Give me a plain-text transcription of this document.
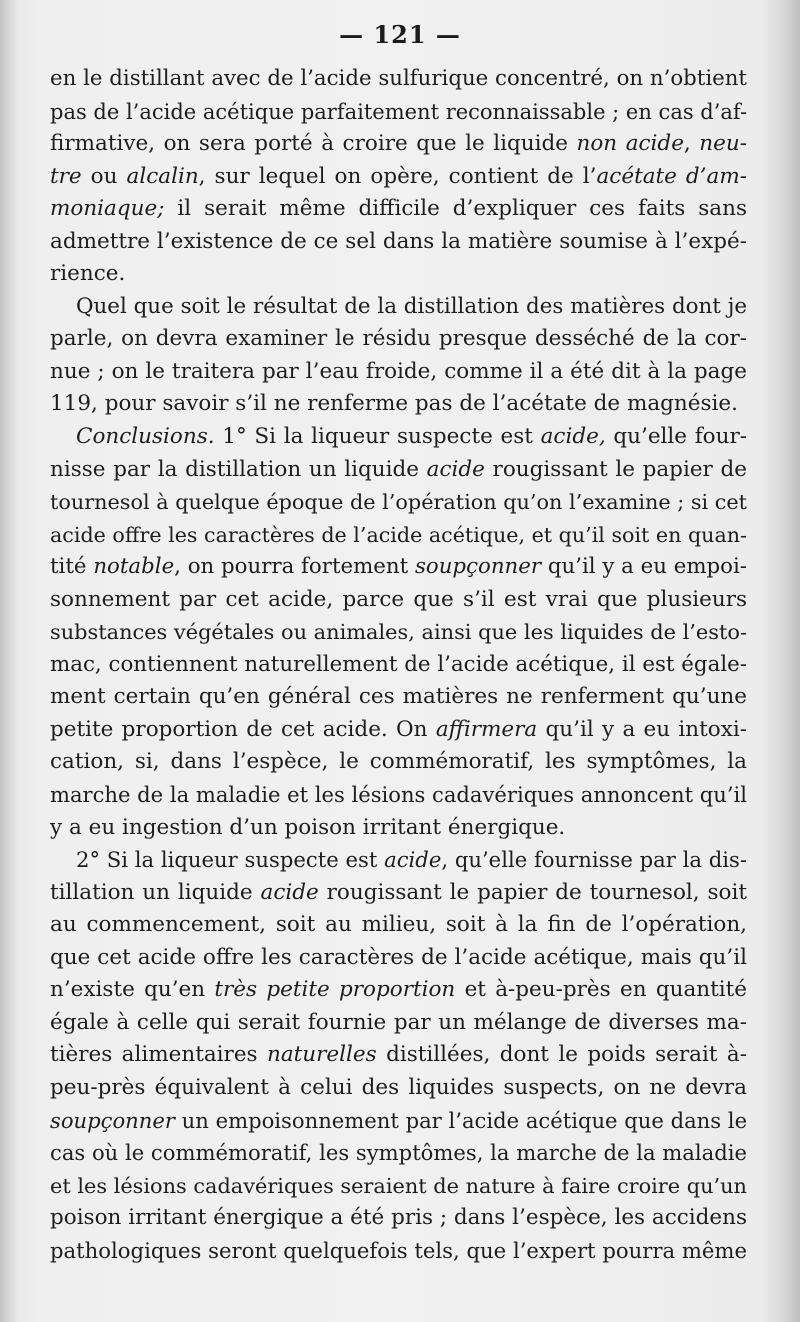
— 121 —
en le distillant avec de l’acide sulfurique concentré, on n’obtient
pas de l’acide acétique parfaitement reconnaissable ; en cas d’af-
firmative, on sera porté à croire que le liquide non acide, neu-
tre ou alcalin, sur lequel on opère, contient de l’acétate d’am-
moniaque; il serait même difficile d’expliquer ces faits sans
admettre l’existence de ce sel dans la matière soumise à l’expé-
rience.
Quel que soit le résultat de la distillation des matières dont je
parle, on devra examiner le résidu presque desséché de la cor-
nue ; on le traitera par l’eau froide, comme il a été dit à la page
119, pour savoir s’il ne renferme pas de l’acétate de magnésie.
Conclusions. 1° Si la liqueur suspecte est acide, qu’elle four-
nisse par la distillation un liquide acide rougissant le papier de
tournesol à quelque époque de l’opération qu’on l’examine ; si cet
acide offre les caractères de l’acide acétique, et qu’il soit en quan-
tité notable, on pourra fortement soupçonner qu’il y a eu empoi-
sonnement par cet acide, parce que s’il est vrai que plusieurs
substances végétales ou animales, ainsi que les liquides de l’esto-
mac, contiennent naturellement de l’acide acétique, il est égale-
ment certain qu’en général ces matières ne renferment qu’une
petite proportion de cet acide. On affirmera qu’il y a eu intoxi-
cation, si, dans l’espèce, le commémoratif, les symptômes, la
marche de la maladie et les lésions cadavériques annoncent qu’il
y a eu ingestion d’un poison irritant énergique.
2° Si la liqueur suspecte est acide, qu’elle fournisse par la dis-
tillation un liquide acide rougissant le papier de tournesol, soit
au commencement, soit au milieu, soit à la fin de l’opération,
que cet acide offre les caractères de l’acide acétique, mais qu’il
n’existe qu’en très petite proportion et à-peu-près en quantité
égale à celle qui serait fournie par un mélange de diverses ma-
tières alimentaires naturelles distillées, dont le poids serait à-
peu-près équivalent à celui des liquides suspects, on ne devra
soupçonner un empoisonnement par l’acide acétique que dans le
cas où le commémoratif, les symptômes, la marche de la maladie
et les lésions cadavériques seraient de nature à faire croire qu’un
poison irritant énergique a été pris ; dans l’espèce, les accidens
pathologiques seront quelquefois tels, que l’expert pourra même
